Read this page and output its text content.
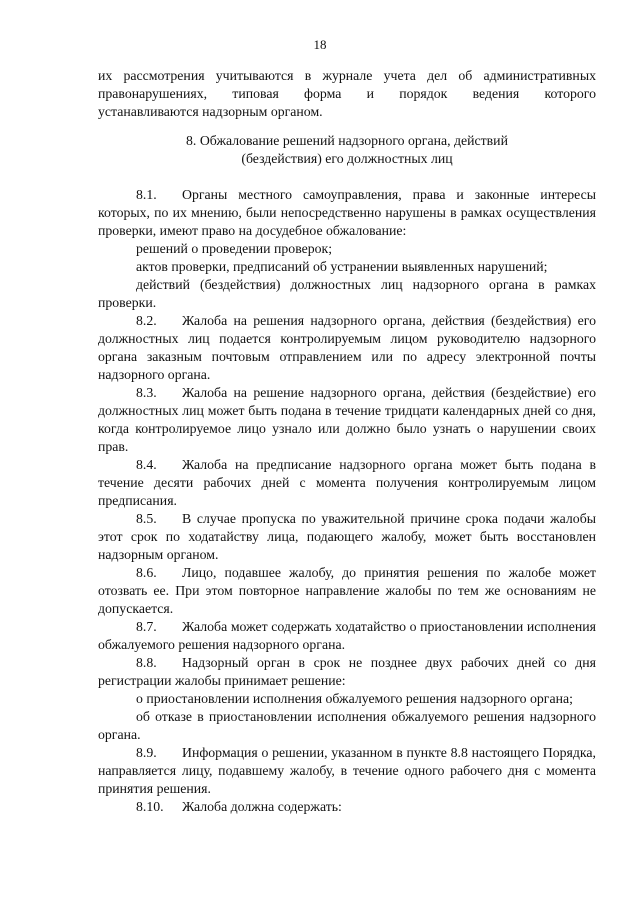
18

их рассмотрения учитываются в журнале учета дел об административных

правонарушениях, типовая форма и порядок ведения которого

устанавливаются надзорным органом.

8. Обжалование решений надзорного органа, действий
(бездействия) его должностных лиц

8.1. Органы местного самоуправления, права и законные интересы которых, по их мнению, были непосредственно нарушены в рамках осуществления проверки, имеют право на досудебное обжалование:

решений о проведении проверок;

актов проверки, предписаний об устранении выявленных нарушений;

действий (бездействия) должностных лиц надзорного органа в рамках проверки.

8.2. Жалоба на решения надзорного органа, действия (бездействия) его должностных лиц подается контролируемым лицом руководителю надзорного органа заказным почтовым отправлением или по адресу электронной почты надзорного органа.

8.3. Жалоба на решение надзорного органа, действия (бездействие) его должностных лиц может быть подана в течение тридцати календарных дней со дня, когда контролируемое лицо узнало или должно было узнать о нарушении своих прав.

8.4. Жалоба на предписание надзорного органа может быть подана в течение десяти рабочих дней с момента получения контролируемым лицом предписания.

8.5. В случае пропуска по уважительной причине срока подачи жалобы этот срок по ходатайству лица, подающего жалобу, может быть восстановлен надзорным органом.

8.6. Лицо, подавшее жалобу, до принятия решения по жалобе может отозвать ее. При этом повторное направление жалобы по тем же основаниям не допускается.

8.7. Жалоба может содержать ходатайство о приостановлении исполнения обжалуемого решения надзорного органа.

8.8. Надзорный орган в срок не позднее двух рабочих дней со дня регистрации жалобы принимает решение:

о приостановлении исполнения обжалуемого решения надзорного органа;

об отказе в приостановлении исполнения обжалуемого решения надзорного органа.

8.9. Информация о решении, указанном в пункте 8.8 настоящего Порядка, направляется лицу, подавшему жалобу, в течение одного рабочего дня с момента принятия решения.

8.10. Жалоба должна содержать:
